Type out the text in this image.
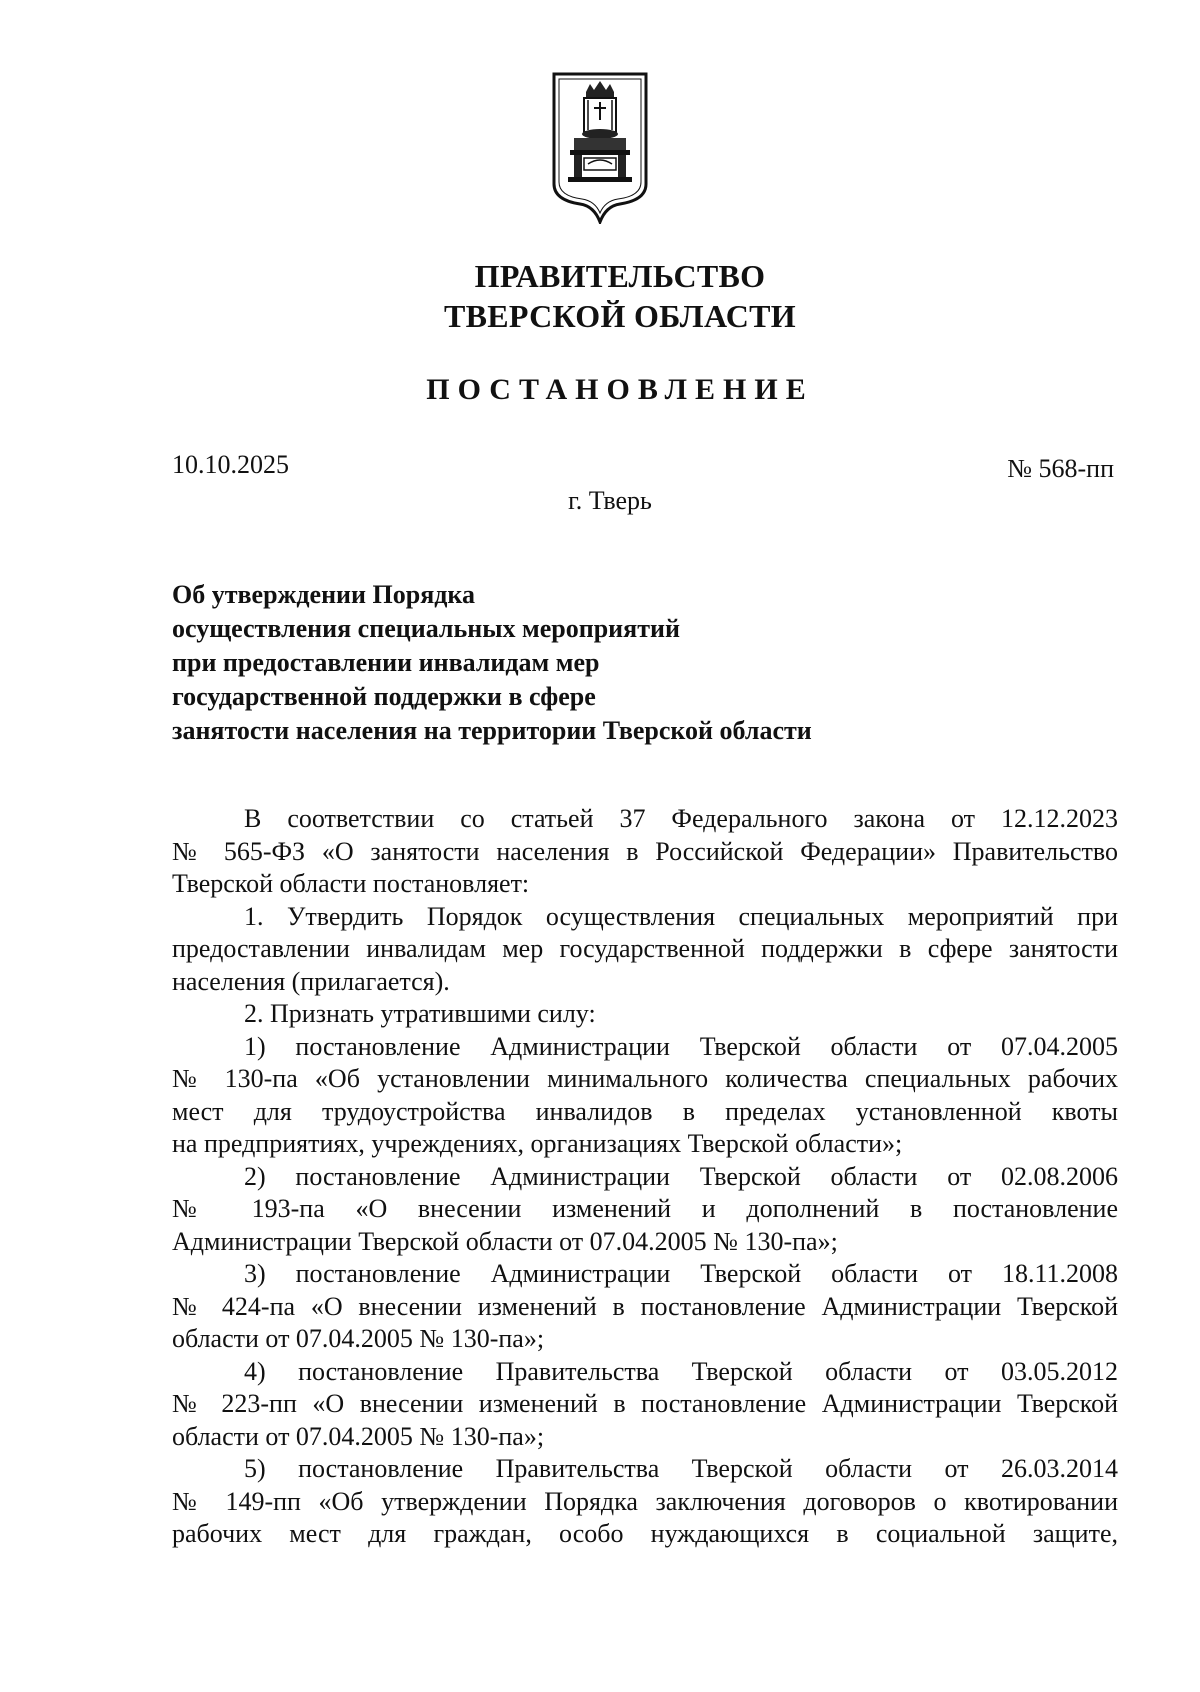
ПРАВИТЕЛЬСТВО
ТВЕРСКОЙ ОБЛАСТИ
ПОСТАНОВЛЕНИЕ
10.10.2025	№ 568-пп
г. Тверь
Об утверждении Порядка
осуществления специальных мероприятий
при предоставлении инвалидам мер
государственной поддержки в сфере
занятости населения на территории Тверской области
В соответствии со статьей 37 Федерального закона от 12.12.2023
№ 565-ФЗ «О занятости населения в Российской Федерации» Правительство
Тверской области постановляет:
1. Утвердить Порядок осуществления специальных мероприятий при
предоставлении инвалидам мер государственной поддержки в сфере занятости
населения (прилагается).
2. Признать утратившими силу:
1) постановление Администрации Тверской области от 07.04.2005
№ 130-па «Об установлении минимального количества специальных рабочих
мест для трудоустройства инвалидов в пределах установленной квоты
на предприятиях, учреждениях, организациях Тверской области»;
2) постановление Администрации Тверской области от 02.08.2006
№ 193-па «О внесении изменений и дополнений в постановление
Администрации Тверской области от 07.04.2005 № 130-па»;
3) постановление Администрации Тверской области от 18.11.2008
№ 424-па «О внесении изменений в постановление Администрации Тверской
области от 07.04.2005 № 130-па»;
4) постановление Правительства Тверской области от 03.05.2012
№ 223-пп «О внесении изменений в постановление Администрации Тверской
области от 07.04.2005 № 130-па»;
5) постановление Правительства Тверской области от 26.03.2014
№ 149-пп «Об утверждении Порядка заключения договоров о квотировании
рабочих мест для граждан, особо нуждающихся в социальной защите,
